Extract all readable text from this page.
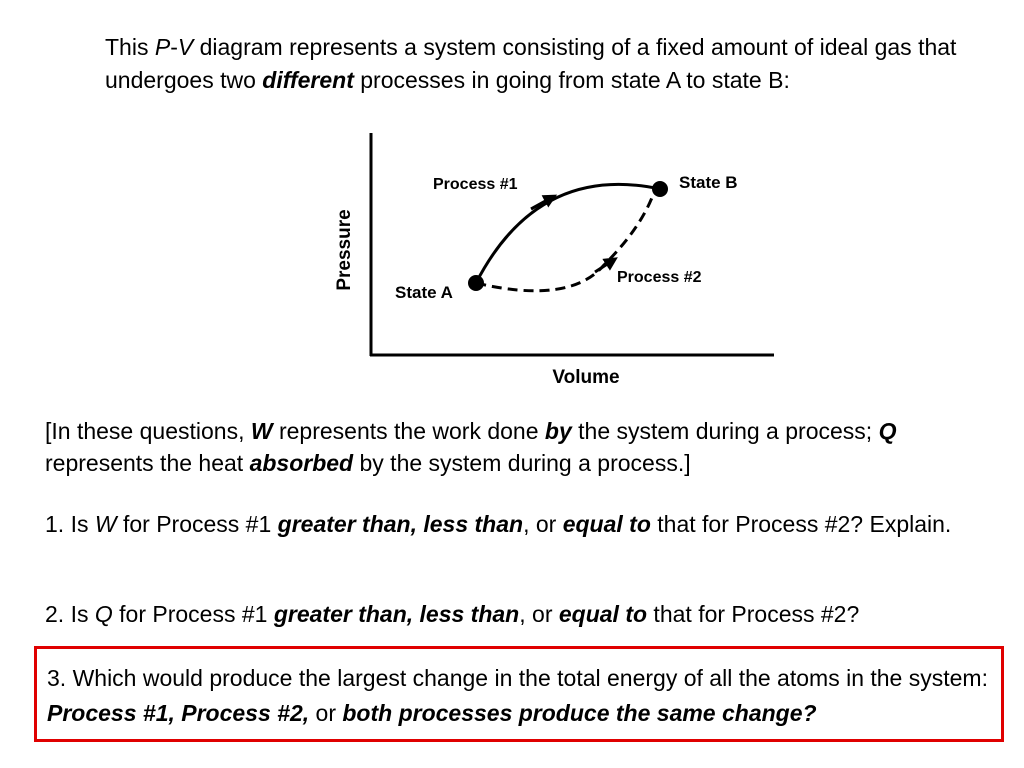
This P-V diagram represents a system consisting of a fixed amount of ideal gas that undergoes two different processes in going from state A to state B:
Pressure
Volume
State A
State B
Process #1
Process #2
[In these questions, W represents the work done by the system during a process; Q represents the heat absorbed by the system during a process.]
1. Is W for Process #1 greater than, less than, or equal to that for Process #2? Explain.
2. Is Q for Process #1 greater than, less than, or equal to that for Process #2?
3. Which would produce the largest change in the total energy of all the atoms in the system: Process #1, Process #2, or both processes produce the same change?
